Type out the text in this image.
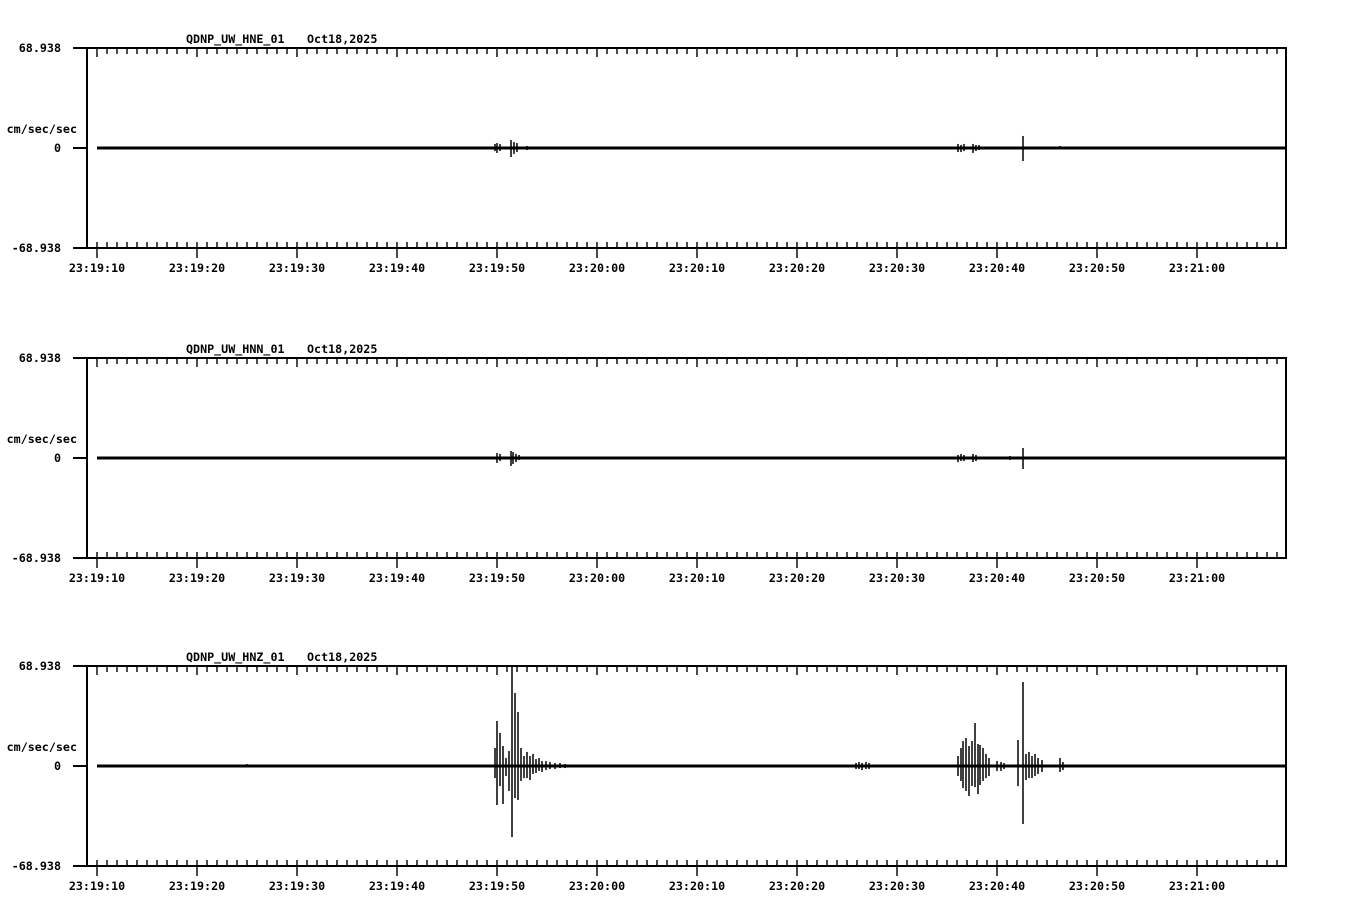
QDNP_UW_HNE_01 Oct18,2025
68.938
cm/sec/sec
0
-68.938
23:19:10	23:19:20	23:19:30	23:19:40	23:19:50	23:20:00	23:20:10	23:20:20	23:20:30	23:20:40	23:20:50	23:21:00
QDNP_UW_HNN_01 Oct18,2025
68.938
cm/sec/sec
0
-68.938
23:19:10	23:19:20	23:19:30	23:19:40	23:19:50	23:20:00	23:20:10	23:20:20	23:20:30	23:20:40	23:20:50	23:21:00
QDNP_UW_HNZ_01 Oct18,2025
68.938
cm/sec/sec
0
-68.938
23:19:10	23:19:20	23:19:30	23:19:40	23:19:50	23:20:00	23:20:10	23:20:20	23:20:30	23:20:40	23:20:50	23:21:00
